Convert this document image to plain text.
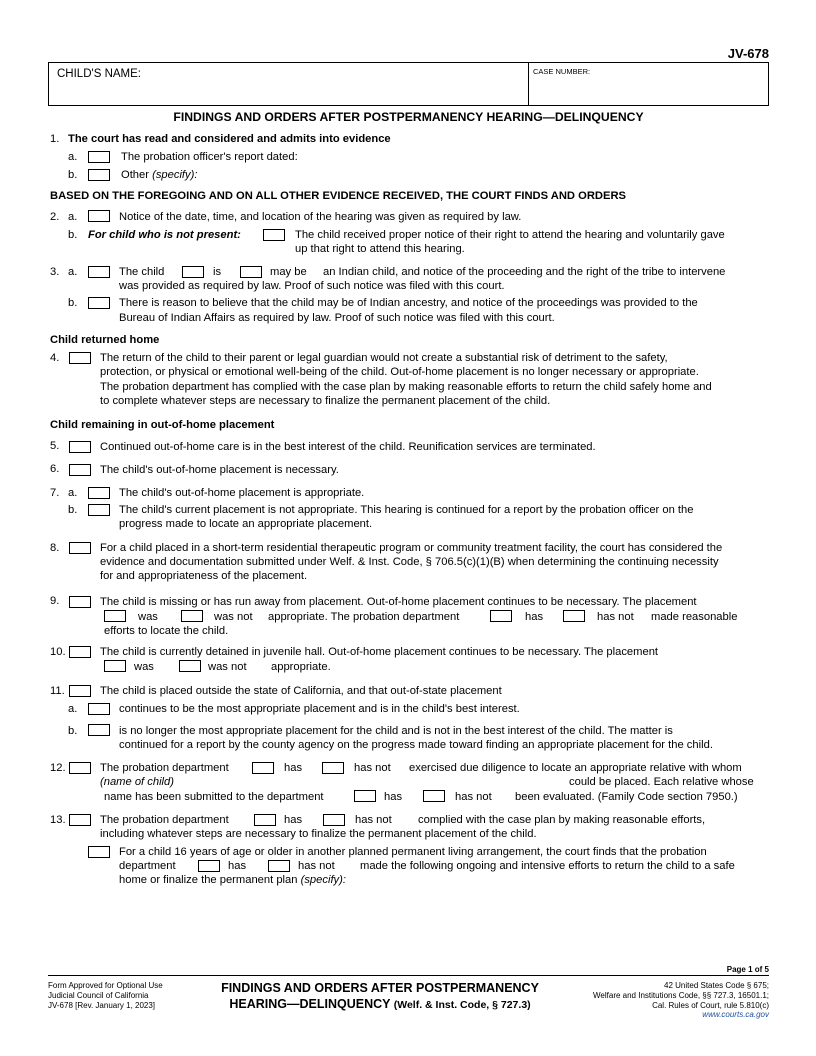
JV-678
CHILD'S NAME:	CASE NUMBER:
FINDINGS AND ORDERS AFTER POSTPERMANENCY HEARING—DELINQUENCY
1. The court has read and considered and admits into evidence
a.	The probation officer's report dated:
b.	Other (specify):
BASED ON THE FOREGOING AND ON ALL OTHER EVIDENCE RECEIVED, THE COURT FINDS AND ORDERS
2. a.	Notice of the date, time, and location of the hearing was given as required by law.
b. For child who is not present:	The child received proper notice of their right to attend the hearing and voluntarily gave
up that right to attend this hearing.
3. a.	The child	is	may be an Indian child, and notice of the proceeding and the right of the tribe to intervene
was provided as required by law. Proof of such notice was filed with this court.
b.	There is reason to believe that the child may be of Indian ancestry, and notice of the proceedings was provided to the
Bureau of Indian Affairs as required by law. Proof of such notice was filed with this court.
Child returned home
4.	The return of the child to their parent or legal guardian would not create a substantial risk of detriment to the safety,
protection, or physical or emotional well-being of the child. Out-of-home placement is no longer necessary or appropriate.
The probation department has complied with the case plan by making reasonable efforts to return the child safely home and
to complete whatever steps are necessary to finalize the permanent placement of the child.
Child remaining in out-of-home placement
5.	Continued out-of-home care is in the best interest of the child. Reunification services are terminated.
6.	The child's out-of-home placement is necessary.
7. a.	The child's out-of-home placement is appropriate.
b.	The child's current placement is not appropriate. This hearing is continued for a report by the probation officer on the
progress made to locate an appropriate placement.
8.	For a child placed in a short-term residential therapeutic program or community treatment facility, the court has considered the
evidence and documentation submitted under Welf. & Inst. Code, § 706.5(c)(1)(B) when determining the continuing necessity
for and appropriateness of the placement.
9.	The child is missing or has run away from placement. Out-of-home placement continues to be necessary. The placement
was	was not appropriate. The probation department	has	has not made reasonable
efforts to locate the child.
10.	The child is currently detained in juvenile hall. Out-of-home placement continues to be necessary. The placement
was	was not appropriate.
11.	The child is placed outside the state of California, and that out-of-state placement
a.	continues to be the most appropriate placement and is in the child's best interest.
b.	is no longer the most appropriate placement for the child and is not in the best interest of the child. The matter is
continued for a report by the county agency on the progress made toward finding an appropriate placement for the child.
12.	The probation department	has	has not exercised due diligence to locate an appropriate relative with whom
(name of child)	could be placed. Each relative whose
name has been submitted to the department	has	has not been evaluated. (Family Code section 7950.)
13.	The probation department	has	has not complied with the case plan by making reasonable efforts,
including whatever steps are necessary to finalize the permanent placement of the child.
For a child 16 years of age or older in another planned permanent living arrangement, the court finds that the probation
department	has	has not made the following ongoing and intensive efforts to return the child to a safe
home or finalize the permanent plan (specify):
Page 1 of 5
Form Approved for Optional Use
Judicial Council of California
JV-678 [Rev. January 1, 2023]
FINDINGS AND ORDERS AFTER POSTPERMANENCY
HEARING—DELINQUENCY (Welf. & Inst. Code, § 727.3)
42 United States Code § 675;
Welfare and Institutions Code, §§ 727.3, 16501.1;
Cal. Rules of Court, rule 5.810(c)
www.courts.ca.gov
